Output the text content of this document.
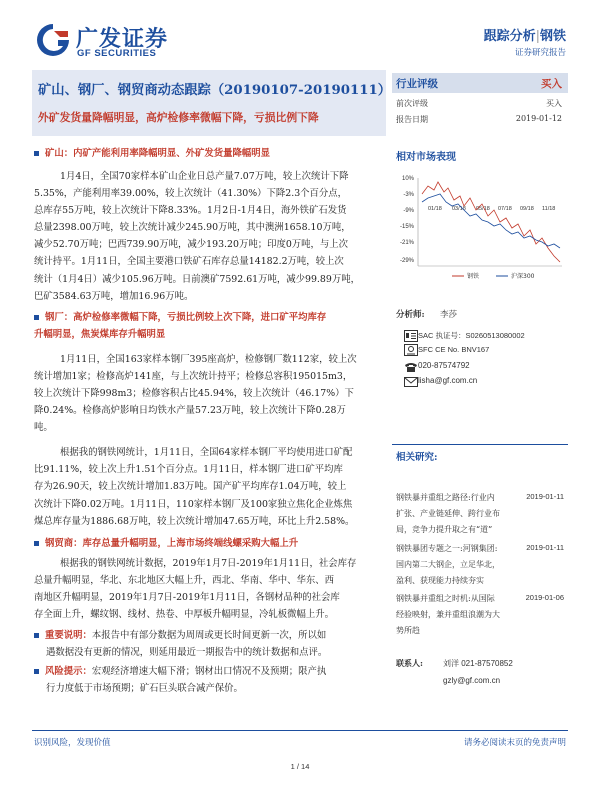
广发证券
GF SECURITIES
跟踪分析|钢铁
证券研究报告
矿山、钢厂、钢贸商动态跟踪（20190107-20190111）
外矿发货量降幅明显，高炉检修率微幅下降，亏损比例下降
行业评级	买入
前次评级	买入
报告日期	2019-01-12
相对市场表现
10%
-3%
-9%
-15%
-21%
-29%
01/18 03/18 05/18 07/18 09/18 11/18
钢铁	沪深300
分析师: 李莎
SAC 执证号：S0260513080002
SFC CE No. BNV167
020-87574792
lisha@gf.com.cn
相关研究:
钢铁暴并重组之路径:行业内
扩张、产业链延伸、跨行业布
局，竞争力提升取之有“道”
2019-01-11
钢铁暴团专题之一:河钢集团:
国内第二大钢企，立足华北，
盈利、获现能力持续夯实
2019-01-11
钢铁暴并重组之时机:从国际
经验映射，兼并重组浪潮为大
势所趋
2019-01-06
联系人:	刘洋 021-87570852
gzly@gf.com.cn
矿山：内矿产能利用率降幅明显、外矿发货量降幅明显
1月4日，全国70家样本矿山企业日总产量7.07万吨，较上次统计下降
5.35%，产能利用率39.00%，较上次统计（41.30%）下降2.3个百分点，
总库存55万吨，较上次统计下降8.33%。1月2日-1月4日，海外铁矿石发货
总量2398.00万吨，较上次统计减少245.90万吨，其中澳洲1658.10万吨，
减少52.70万吨；巴西739.90万吨，减少193.20万吨；印度0万吨，与上次
统计持平。1月11日，全国主要港口铁矿石库存总量14182.2万吨，较上次
统计（1月4日）减少105.96万吨。日前澳矿7592.61万吨，减少99.89万吨，
巴矿3584.63万吨，增加16.96万吨。
钢厂：高炉检修率微幅下降，亏损比例较上次下降，进口矿平均库存
升幅明显，焦炭煤库存升幅明显
1月11日，全国163家样本钢厂395座高炉，检修钢厂数112家，较上次
统计增加1家；检修高炉141座，与上次统计持平；检修总容积195015m3，
较上次统计下降998m3；检修容积占比45.94%，较上次统计（46.17%）下
降0.24%。检修高炉影响日均铁水产量57.23万吨，较上次统计下降0.28万
吨。
根据我的钢铁网统计，1月11日，全国64家样本钢厂平均使用进口矿配
比91.11%，较上次上升1.51个百分点。1月11日，样本钢厂进口矿平均库
存为26.90天，较上次统计增加1.83万吨。国产矿平均库存1.04万吨，较上
次统计下降0.02万吨。1月11日，110家样本钢厂及100家独立焦化企业炼焦
煤总库存量为1886.68万吨，较上次统计增加47.65万吨，环比上升2.58%。
钢贸商：库存总量升幅明显，上海市场终端线螺采购大幅上升
根据我的钢铁网统计数据，2019年1月7日-2019年1月11日，社会库存
总量升幅明显，华北、东北地区大幅上升，西北、华南、华中、华东、西
南地区升幅明显，2019年1月7日-2019年1月11日，各钢材品种的社会库
存全面上升，螺纹钢、线材、热卷、中厚板升幅明显，冷轧板微幅上升。
重要说明：本报告中有部分数据为周周或更长时间更新一次，所以如
遇数据没有更新的情况，则延用最近一期报告中的统计数据和点评。
风险提示：宏观经济增速大幅下滑；钢材出口情况不及预期；限产执
行力度低于市场预期；矿石巨头联合减产保价。
识别风险，发现价值	请务必阅读末页的免责声明
1 / 14
